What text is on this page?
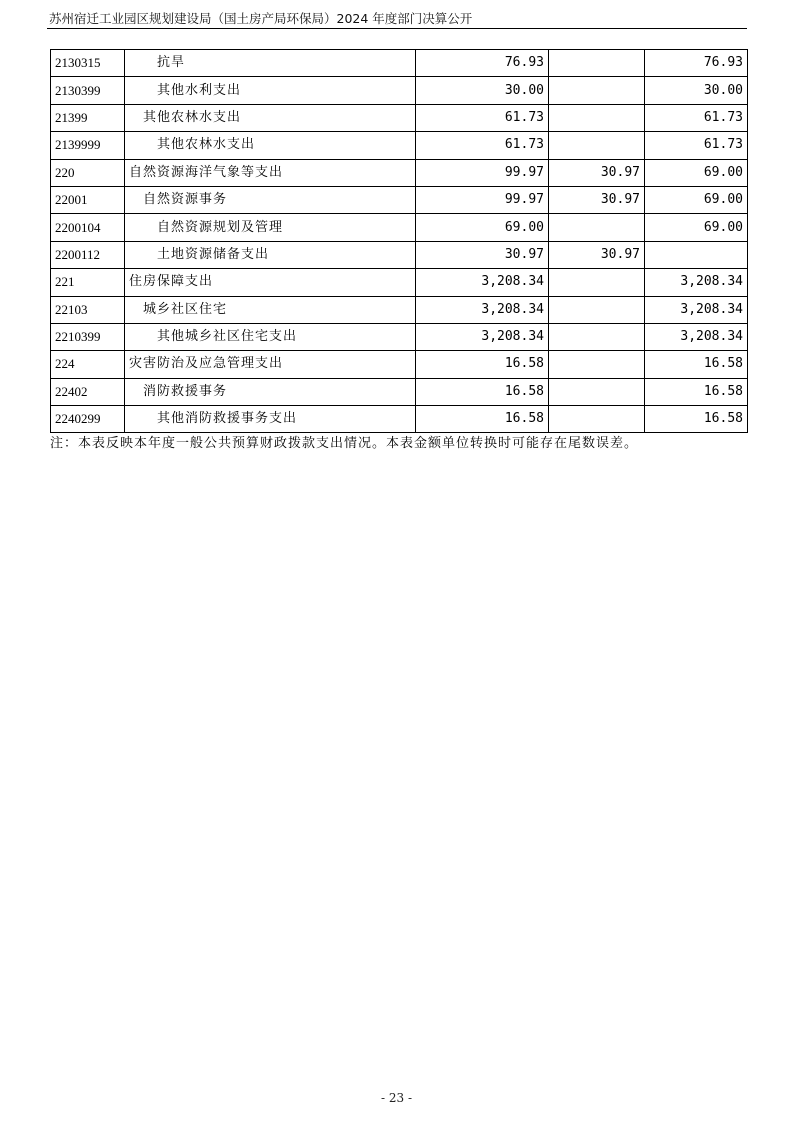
苏州宿迁工业园区规划建设局（国土房产局环保局）2024 年度部门决算公开
2130315	抗旱	76.93		76.93
2130399	其他水利支出	30.00		30.00
21399	其他农林水支出	61.73		61.73
2139999	其他农林水支出	61.73		61.73
220	自然资源海洋气象等支出	99.97	30.97	69.00
22001	自然资源事务	99.97	30.97	69.00
2200104	自然资源规划及管理	69.00		69.00
2200112	土地资源储备支出	30.97	30.97	
221	住房保障支出	3,208.34		3,208.34
22103	城乡社区住宅	3,208.34		3,208.34
2210399	其他城乡社区住宅支出	3,208.34		3,208.34
224	灾害防治及应急管理支出	16.58		16.58
22402	消防救援事务	16.58		16.58
2240299	其他消防救援事务支出	16.58		16.58
注：本表反映本年度一般公共预算财政拨款支出情况。本表金额单位转换时可能存在尾数误差。
- 23 -
